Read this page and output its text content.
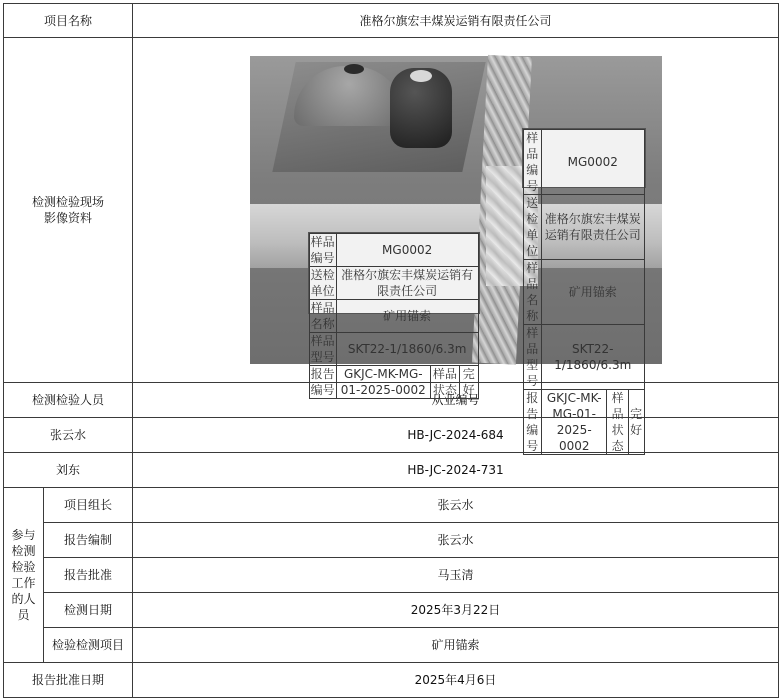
项目名称	准格尔旗宏丰煤炭运销有限责任公司
检测检验现场
影像资料	
样品编号	MG0002
送检单位	准格尔旗宏丰煤炭运销有限责任公司
样品名称	矿用锚索
样品型号	SKT22-1/1860/6.3m
报告编号	GKJC-MK-MG-01-2025-0002	样品状态	完好
样品编号	MG0002
送检单位	准格尔旗宏丰煤炭运销有限责任公司
样品名称	矿用锚索
样品型号	SKT22-1/1860/6.3m
报告编号	GKJC-MK-MG-01-2025-0002	样品状态	完好

检测检验人员	从业编号
张云水	HB-JC-2024-684
刘东	HB-JC-2024-731
参与
检测
检验
工作
的人
员	项目组长	张云水
报告编制	张云水
报告批准	马玉清
检测日期	2025年3月22日
检验检测项目	矿用锚索
报告批准日期	2025年4月6日
